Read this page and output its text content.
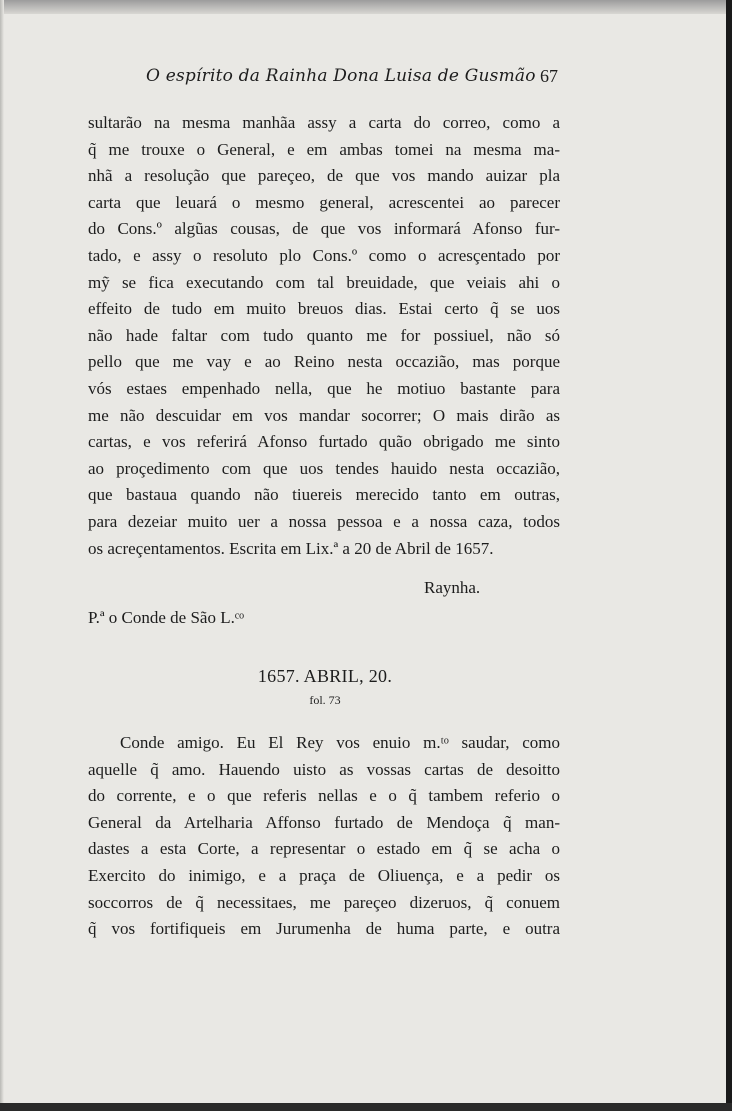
O espírito da Rainha Dona Luisa de Gusmão 67
sultarão na mesma manhãa assy a carta do correo, como a
q̃ me trouxe o General, e em ambas tomei na mesma ma-
nhã a resolução que pareçeo, de que vos mando auizar pla
carta que leuará o mesmo general, acrescentei ao parecer
do Cons.º algũas cousas, de que vos informará Afonso fur-
tado, e assy o resoluto plo Cons.º como o acresçentado por
mỹ se fica executando com tal breuidade, que veiais ahi o
effeito de tudo em muito breuos dias. Estai certo q̃ se uos
não hade faltar com tudo quanto me for possiuel, não só
pello que me vay e ao Reino nesta occazião, mas porque
vós estaes empenhado nella, que he motiuo bastante para
me não descuidar em vos mandar socorrer; O mais dirão as
cartas, e vos referirá Afonso furtado quão obrigado me sinto
ao proçedimento com que uos tendes hauido nesta occazião,
que bastaua quando não tiuereis merecido tanto em outras,
para dezeiar muito uer a nossa pessoa e a nossa caza, todos
os acreçentamentos. Escrita em Lix.ª a 20 de Abril de 1657.
Raynha.
P.ª o Conde de São L.ᶜᵒ
1657. ABRIL, 20.
fol. 73
Conde amigo. Eu El Rey vos enuio m.ᵗᵒ saudar, como
aquelle q̃ amo. Hauendo uisto as vossas cartas de desoitto
do corrente, e o que referis nellas e o q̃ tambem referio o
General da Artelharia Affonso furtado de Mendoça q̃ man-
dastes a esta Corte, a representar o estado em q̃ se acha o
Exercito do inimigo, e a praça de Oliuença, e a pedir os
soccorros de q̃ necessitaes, me pareçeo dizeruos, q̃ conuem
q̃ vos fortifiqueis em Jurumenha de huma parte, e outra
